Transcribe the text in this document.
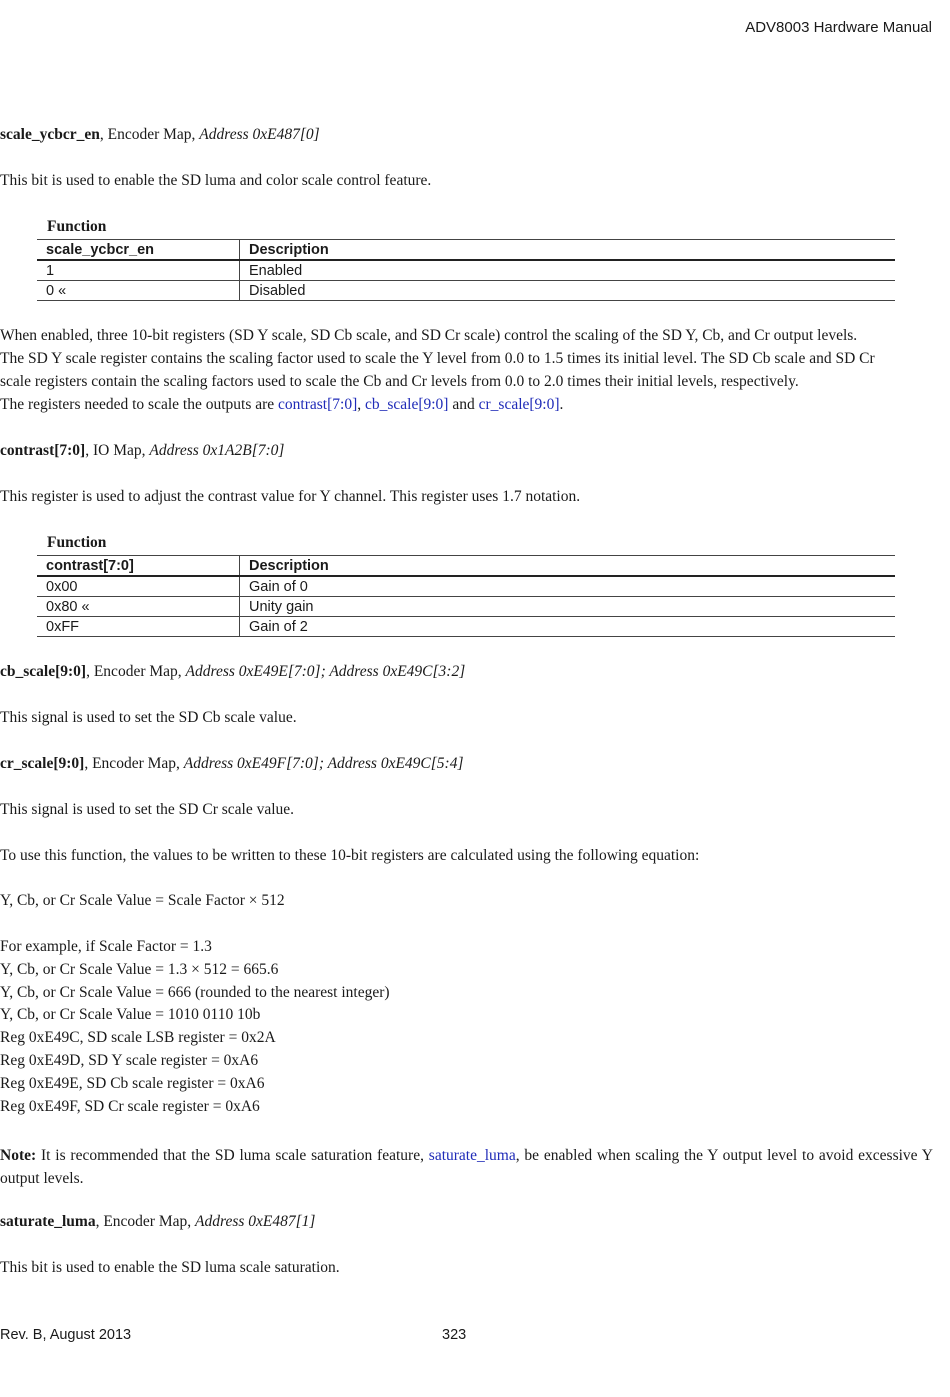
ADV8003 Hardware Manual
scale_ycbcr_en, Encoder Map, Address 0xE487[0]
This bit is used to enable the SD luma and color scale control feature.
Function
scale_ycbcr_en	Description
1	Enabled
0 «	Disabled
When enabled, three 10-bit registers (SD Y scale, SD Cb scale, and SD Cr scale) control the scaling of the SD Y, Cb, and Cr output levels.
The SD Y scale register contains the scaling factor used to scale the Y level from 0.0 to 1.5 times its initial level. The SD Cb scale and SD Cr
scale registers contain the scaling factors used to scale the Cb and Cr levels from 0.0 to 2.0 times their initial levels, respectively.
The registers needed to scale the outputs are contrast[7:0], cb_scale[9:0] and cr_scale[9:0].
contrast[7:0], IO Map, Address 0x1A2B[7:0]
This register is used to adjust the contrast value for Y channel. This register uses 1.7 notation.
Function
contrast[7:0]	Description
0x00	Gain of 0
0x80 «	Unity gain
0xFF	Gain of 2
cb_scale[9:0], Encoder Map, Address 0xE49E[7:0]; Address 0xE49C[3:2]
This signal is used to set the SD Cb scale value.
cr_scale[9:0], Encoder Map, Address 0xE49F[7:0]; Address 0xE49C[5:4]
This signal is used to set the SD Cr scale value.
To use this function, the values to be written to these 10-bit registers are calculated using the following equation:
Y, Cb, or Cr Scale Value = Scale Factor × 512
For example, if Scale Factor = 1.3
Y, Cb, or Cr Scale Value = 1.3 × 512 = 665.6
Y, Cb, or Cr Scale Value = 666 (rounded to the nearest integer)
Y, Cb, or Cr Scale Value = 1010 0110 10b
Reg 0xE49C, SD scale LSB register = 0x2A
Reg 0xE49D, SD Y scale register = 0xA6
Reg 0xE49E, SD Cb scale register = 0xA6
Reg 0xE49F, SD Cr scale register = 0xA6
Note: It is recommended that the SD luma scale saturation feature, saturate_luma, be enabled when scaling the Y output level to avoid excessive Y output levels.
saturate_luma, Encoder Map, Address 0xE487[1]
This bit is used to enable the SD luma scale saturation.
Rev. B, August 2013	323
